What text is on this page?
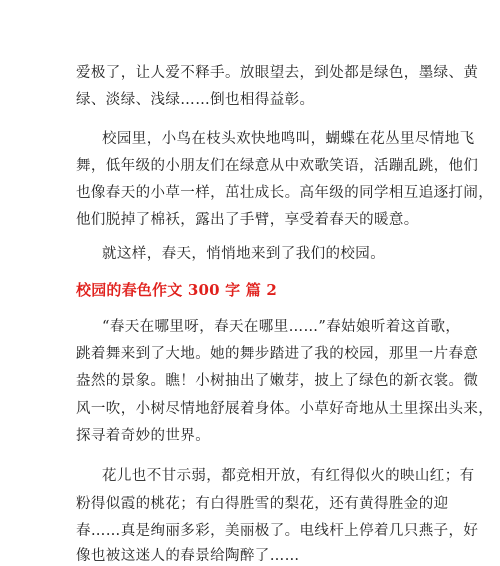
爱极了，让人爱不释手。放眼望去，到处都是绿色，墨绿、黄
绿、淡绿、浅绿……倒也相得益彰。
校园里，小鸟在枝头欢快地鸣叫，蝴蝶在花丛里尽情地飞
舞，低年级的小朋友们在绿意从中欢歌笑语，活蹦乱跳，他们
也像春天的小草一样，茁壮成长。高年级的同学相互追逐打闹，
他们脱掉了棉袄，露出了手臂，享受着春天的暖意。
就这样，春天，悄悄地来到了我们的校园。
校园的春色作文 300 字 篇 2
“春天在哪里呀，春天在哪里……”春姑娘听着这首歌，
跳着舞来到了大地。她的舞步踏进了我的校园，那里一片春意
盎然的景象。瞧！小树抽出了嫩芽，披上了绿色的新衣裳。微
风一吹，小树尽情地舒展着身体。小草好奇地从土里探出头来，
探寻着奇妙的世界。
花儿也不甘示弱，都竞相开放，有红得似火的映山红；有
粉得似霞的桃花；有白得胜雪的梨花，还有黄得胜金的迎
春……真是绚丽多彩，美丽极了。电线杆上停着几只燕子，好
像也被这迷人的春景给陶醉了……
